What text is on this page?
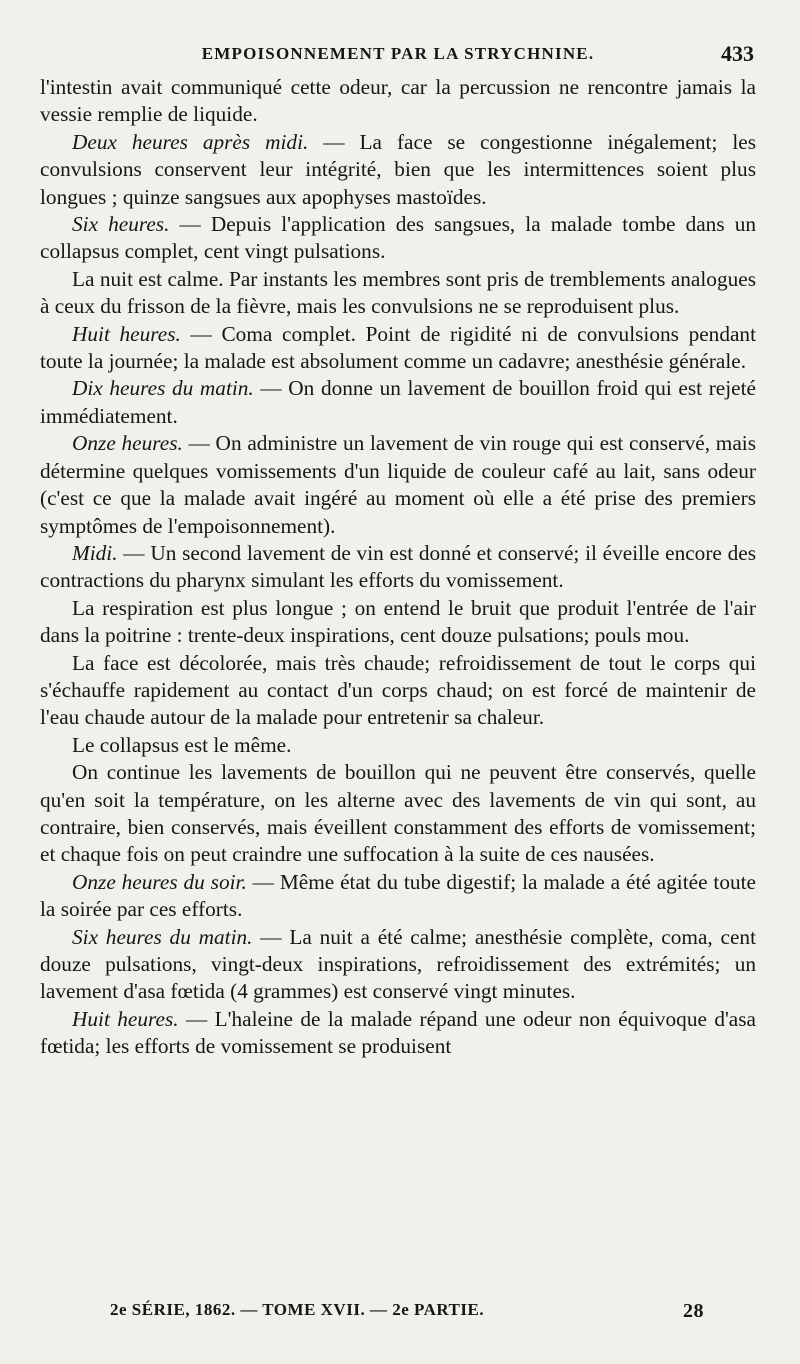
EMPOISONNEMENT PAR LA STRYCHNINE.	433

l'intestin avait communiqué cette odeur, car la percussion ne rencontre jamais la vessie remplie de liquide.

Deux heures après midi. — La face se congestionne inégalement; les convulsions conservent leur intégrité, bien que les intermittences soient plus longues ; quinze sangsues aux apophyses mastoïdes.

Six heures. — Depuis l'application des sangsues, la malade tombe dans un collapsus complet, cent vingt pulsations.

La nuit est calme. Par instants les membres sont pris de tremblements analogues à ceux du frisson de la fièvre, mais les convulsions ne se reproduisent plus.

Huit heures. — Coma complet. Point de rigidité ni de convulsions pendant toute la journée; la malade est absolument comme un cadavre; anesthésie générale.

Dix heures du matin. — On donne un lavement de bouillon froid qui est rejeté immédiatement.

Onze heures. — On administre un lavement de vin rouge qui est conservé, mais détermine quelques vomissements d'un liquide de couleur café au lait, sans odeur (c'est ce que la malade avait ingéré au moment où elle a été prise des premiers symptômes de l'empoisonnement).

Midi. — Un second lavement de vin est donné et conservé; il éveille encore des contractions du pharynx simulant les efforts du vomissement.

La respiration est plus longue ; on entend le bruit que produit l'entrée de l'air dans la poitrine : trente-deux inspirations, cent douze pulsations; pouls mou.

La face est décolorée, mais très chaude; refroidissement de tout le corps qui s'échauffe rapidement au contact d'un corps chaud; on est forcé de maintenir de l'eau chaude autour de la malade pour entretenir sa chaleur.

Le collapsus est le même.

On continue les lavements de bouillon qui ne peuvent être conservés, quelle qu'en soit la température, on les alterne avec des lavements de vin qui sont, au contraire, bien conservés, mais éveillent constamment des efforts de vomissement; et chaque fois on peut craindre une suffocation à la suite de ces nausées.

Onze heures du soir. — Même état du tube digestif; la malade a été agitée toute la soirée par ces efforts.

Six heures du matin. — La nuit a été calme; anesthésie complète, coma, cent douze pulsations, vingt-deux inspirations, refroidissement des extrémités; un lavement d'asa fœtida (4 grammes) est conservé vingt minutes.

Huit heures. — L'haleine de la malade répand une odeur non équivoque d'asa fœtida; les efforts de vomissement se produisent

2e SÉRIE, 1862. — TOME XVII. — 2e PARTIE.	28
